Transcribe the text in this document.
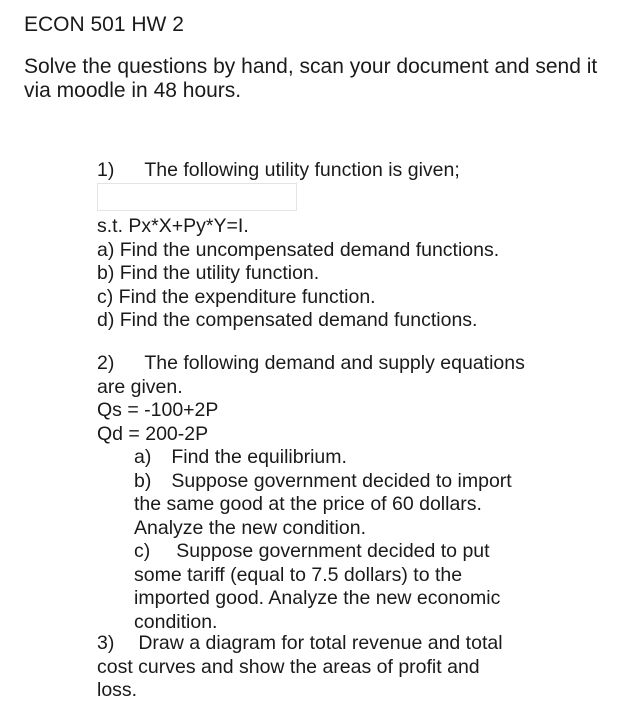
ECON 501 HW 2
Solve the questions by hand, scan your document and send it via moodle in 48 hours.
1) The following utility function is given;
s.t. Px*X+Py*Y=I.
a) Find the uncompensated demand functions.
b) Find the utility function.
c) Find the expenditure function.
d) Find the compensated demand functions.
2) The following demand and supply equations
are given.
Qs = -100+2P
Qd = 200-2P
a) Find the equilibrium.
b) Suppose government decided to import
the same good at the price of 60 dollars.
Analyze the new condition.
c) Suppose government decided to put
some tariff (equal to 7.5 dollars) to the
imported good. Analyze the new economic
condition.
3) Draw a diagram for total revenue and total
cost curves and show the areas of profit and
loss.
